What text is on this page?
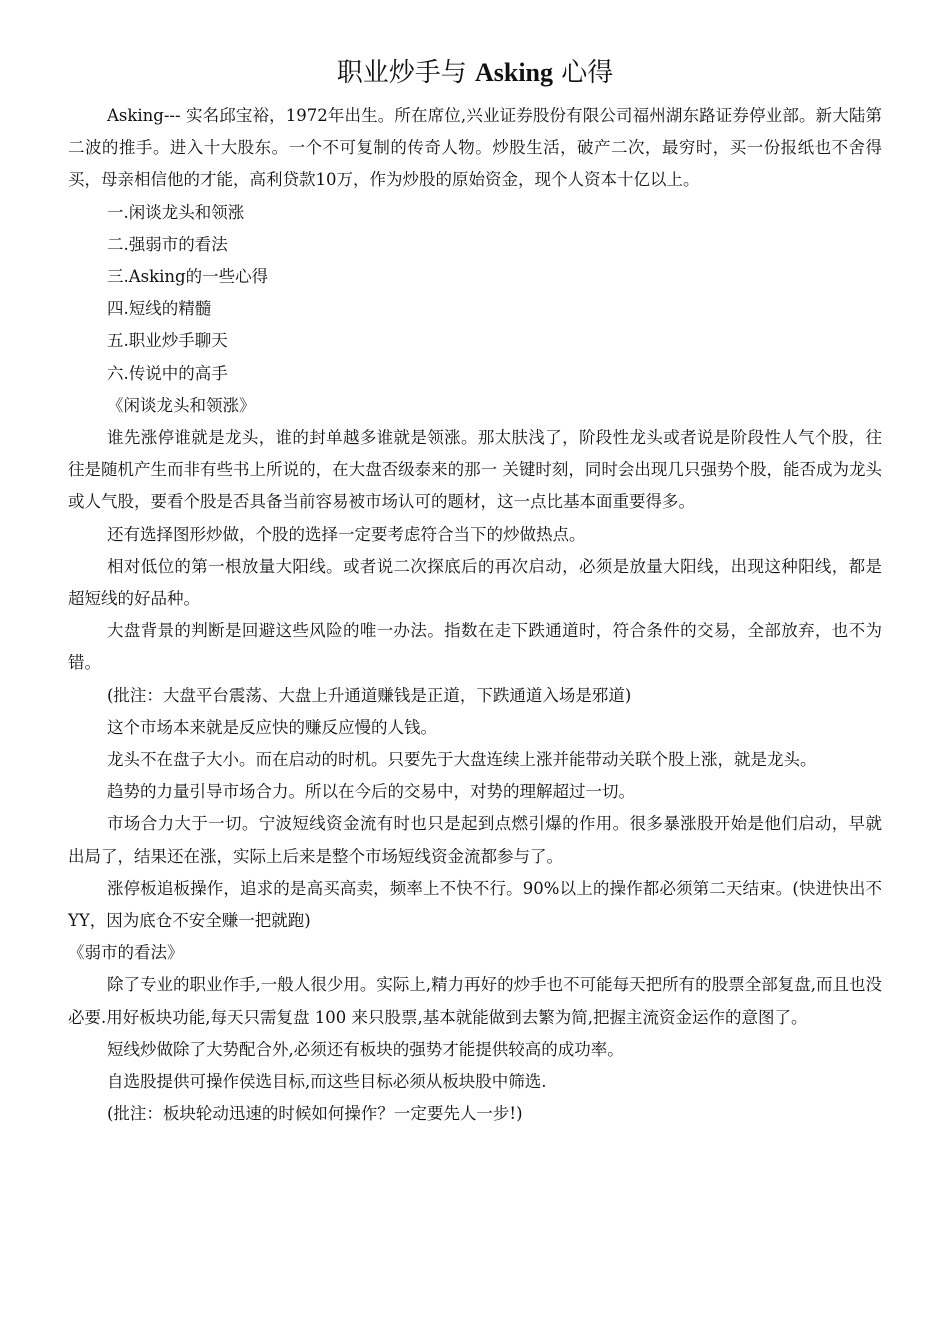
职业炒手与 Asking 心得

Asking--- 实名邱宝裕，1972年出生。所在席位,兴业证券股份有限公司福州湖东路证券停业部。新大陆第二波的推手。进入十大股东。一个不可复制的传奇人物。炒股生活，破产二次，最穷时，买一份报纸也不舍得买，母亲相信他的才能，高利贷款10万，作为炒股的原始资金，现个人资本十亿以上。

一.闲谈龙头和领涨

二.强弱市的看法

三.Asking的一些心得

四.短线的精髓

五.职业炒手聊天

六.传说中的高手

《闲谈龙头和领涨》

谁先涨停谁就是龙头，谁的封单越多谁就是领涨。那太肤浅了，阶段性龙头或者说是阶段性人气个股，往往是随机产生而非有些书上所说的，在大盘否级泰来的那一 关键时刻，同时会出现几只强势个股，能否成为龙头或人气股，要看个股是否具备当前容易被市场认可的题材，这一点比基本面重要得多。

还有选择图形炒做，个股的选择一定要考虑符合当下的炒做热点。

相对低位的第一根放量大阳线。或者说二次探底后的再次启动，必须是放量大阳线，出现这种阳线，都是超短线的好品种。

大盘背景的判断是回避这些风险的唯一办法。指数在走下跌通道时，符合条件的交易，全部放弃，也不为错。

(批注：大盘平台震荡、大盘上升通道赚钱是正道，下跌通道入场是邪道)

这个市场本来就是反应快的赚反应慢的人钱。

龙头不在盘子大小。而在启动的时机。只要先于大盘连续上涨并能带动关联个股上涨，就是龙头。

趋势的力量引导市场合力。所以在今后的交易中，对势的理解超过一切。

市场合力大于一切。宁波短线资金流有时也只是起到点燃引爆的作用。很多暴涨股开始是他们启动，早就出局了，结果还在涨，实际上后来是整个市场短线资金流都参与了。

涨停板追板操作，追求的是高买高卖，频率上不快不行。90%以上的操作都必须第二天结束。(快进快出不YY，因为底仓不安全赚一把就跑)

《弱市的看法》

除了专业的职业作手,一般人很少用。实际上,精力再好的炒手也不可能每天把所有的股票全部复盘,而且也没必要.用好板块功能,每天只需复盘 100 来只股票,基本就能做到去繁为简,把握主流资金运作的意图了。

短线炒做除了大势配合外,必须还有板块的强势才能提供较高的成功率。

自选股提供可操作侯选目标,而这些目标必须从板块股中筛选.

(批注：板块轮动迅速的时候如何操作？一定要先人一步!)
